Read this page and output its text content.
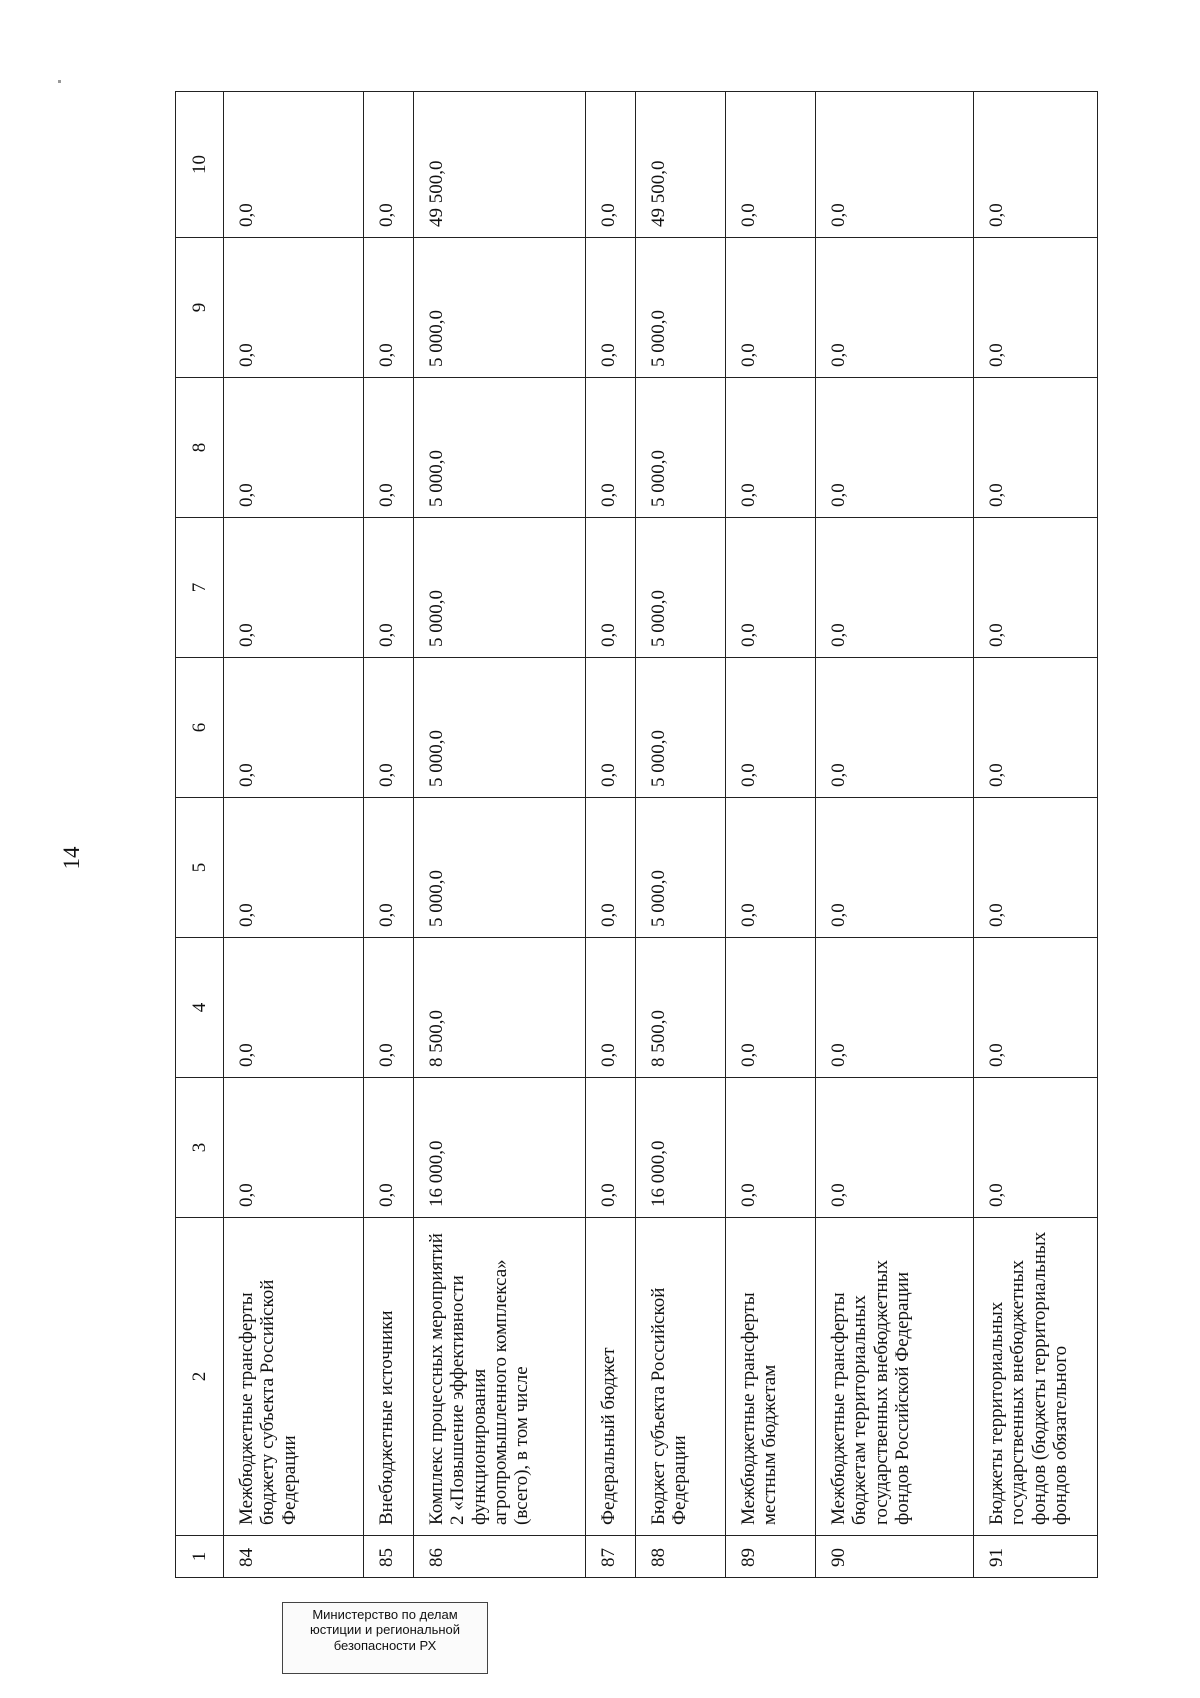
14
1	2	3	4	5	6	7	8	9	10
84	Межбюджетные трансферты бюджету субъекта Российской Федерации	0,0	0,0	0,0	0,0	0,0	0,0	0,0	0,0
85	Внебюджетные источники	0,0	0,0	0,0	0,0	0,0	0,0	0,0	0,0
86	Комплекс процессных мероприятий 2 «Повышение эффективности функционирования агропромышленного комплекса» (всего), в том числе	16 000,0	8 500,0	5 000,0	5 000,0	5 000,0	5 000,0	5 000,0	49 500,0
87	Федеральный бюджет	0,0	0,0	0,0	0,0	0,0	0,0	0,0	0,0
88	Бюджет субъекта Российской Федерации	16 000,0	8 500,0	5 000,0	5 000,0	5 000,0	5 000,0	5 000,0	49 500,0
89	Межбюджетные трансферты местным бюджетам	0,0	0,0	0,0	0,0	0,0	0,0	0,0	0,0
90	Межбюджетные трансферты бюджетам территориальных государственных внебюджетных фондов Российской Федерации	0,0	0,0	0,0	0,0	0,0	0,0	0,0	0,0
91	Бюджеты территориальных государственных внебюджетных фондов (бюджеты территориальных фондов обязательного	0,0	0,0	0,0	0,0	0,0	0,0	0,0	0,0
Министерство по делам
юстиции и региональной
безопасности РХ
